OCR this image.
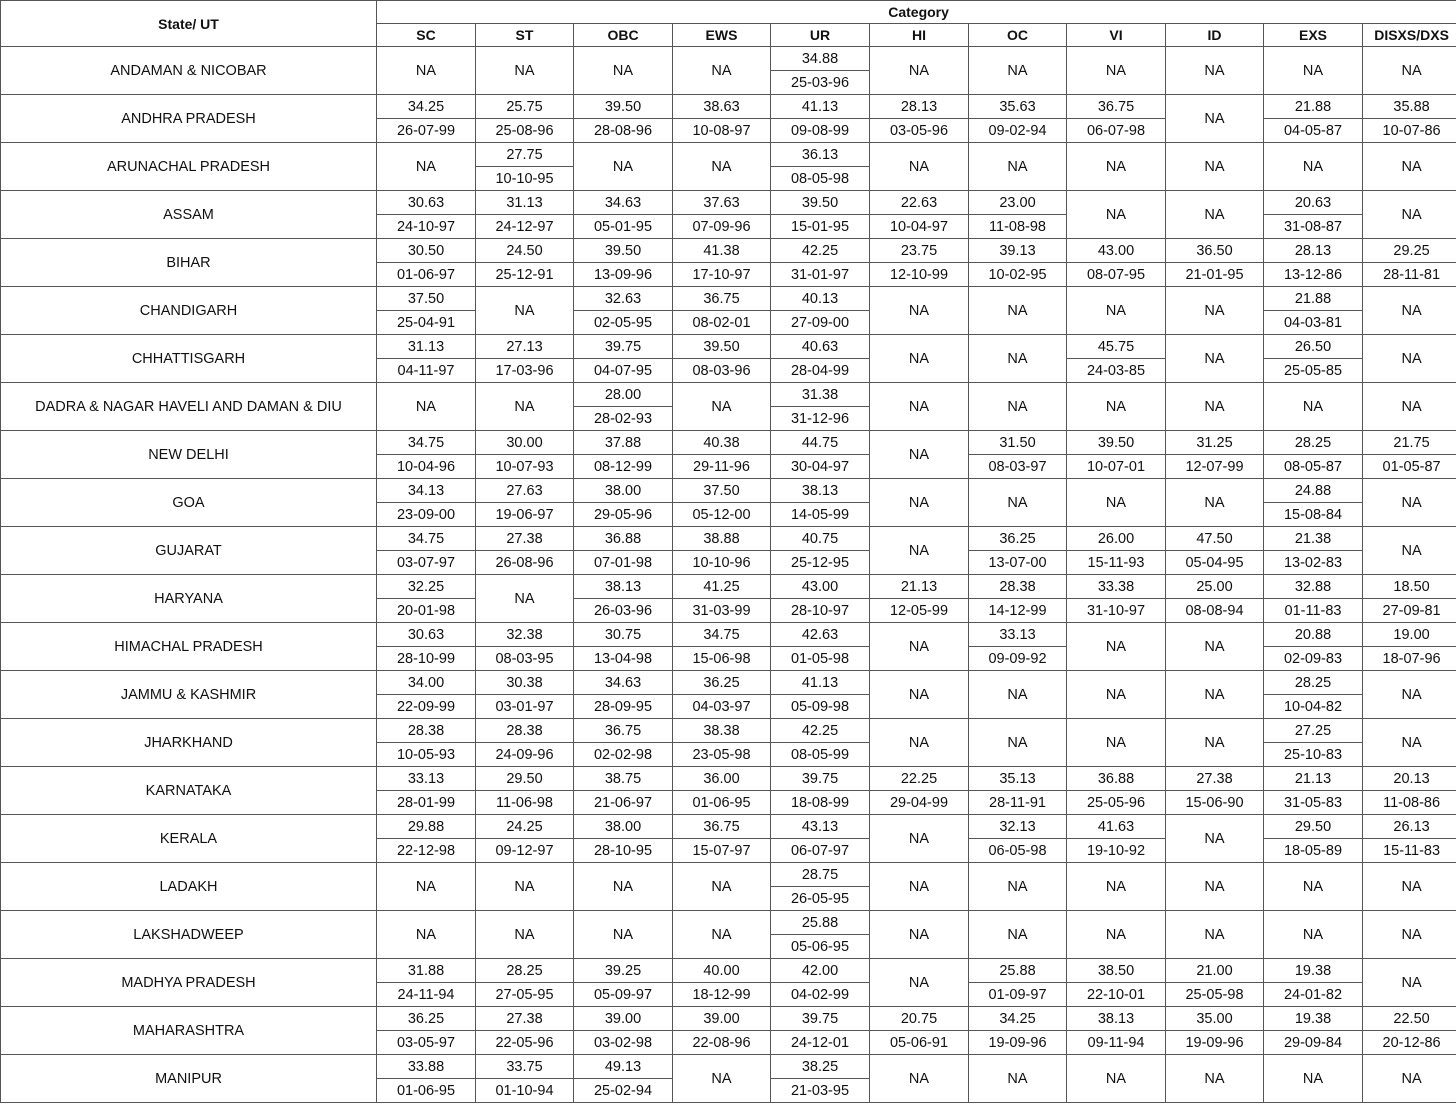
State/ UT	Category										
	SC	ST	OBC	EWS	UR	HI	OC	VI	ID	EXS	DISXS/DXS
ANDAMAN & NICOBAR	NA	NA	NA	NA	34.88	NA	NA	NA	NA	NA	NA
					25-03-96						
ANDHRA PRADESH	34.25	25.75	39.50	38.63	41.13	28.13	35.63	36.75	NA	21.88	35.88
	26-07-99	25-08-96	28-08-96	10-08-97	09-08-99	03-05-96	09-02-94	06-07-98		04-05-87	10-07-86
ARUNACHAL PRADESH	NA	27.75	NA	NA	36.13	NA	NA	NA	NA	NA	NA
		10-10-95			08-05-98						
ASSAM	30.63	31.13	34.63	37.63	39.50	22.63	23.00	NA	NA	20.63	NA
	24-10-97	24-12-97	05-01-95	07-09-96	15-01-95	10-04-97	11-08-98			31-08-87	
BIHAR	30.50	24.50	39.50	41.38	42.25	23.75	39.13	43.00	36.50	28.13	29.25
	01-06-97	25-12-91	13-09-96	17-10-97	31-01-97	12-10-99	10-02-95	08-07-95	21-01-95	13-12-86	28-11-81
CHANDIGARH	37.50	NA	32.63	36.75	40.13	NA	NA	NA	NA	21.88	NA
	25-04-91		02-05-95	08-02-01	27-09-00					04-03-81	
CHHATTISGARH	31.13	27.13	39.75	39.50	40.63	NA	NA	45.75	NA	26.50	NA
	04-11-97	17-03-96	04-07-95	08-03-96	28-04-99			24-03-85		25-05-85	
DADRA & NAGAR HAVELI AND DAMAN & DIU	NA	NA	28.00	NA	31.38	NA	NA	NA	NA	NA	NA
			28-02-93		31-12-96						
NEW DELHI	34.75	30.00	37.88	40.38	44.75	NA	31.50	39.50	31.25	28.25	21.75
	10-04-96	10-07-93	08-12-99	29-11-96	30-04-97		08-03-97	10-07-01	12-07-99	08-05-87	01-05-87
GOA	34.13	27.63	38.00	37.50	38.13	NA	NA	NA	NA	24.88	NA
	23-09-00	19-06-97	29-05-96	05-12-00	14-05-99					15-08-84	
GUJARAT	34.75	27.38	36.88	38.88	40.75	NA	36.25	26.00	47.50	21.38	NA
	03-07-97	26-08-96	07-01-98	10-10-96	25-12-95		13-07-00	15-11-93	05-04-95	13-02-83	
HARYANA	32.25	NA	38.13	41.25	43.00	21.13	28.38	33.38	25.00	32.88	18.50
	20-01-98		26-03-96	31-03-99	28-10-97	12-05-99	14-12-99	31-10-97	08-08-94	01-11-83	27-09-81
HIMACHAL PRADESH	30.63	32.38	30.75	34.75	42.63	NA	33.13	NA	NA	20.88	19.00
	28-10-99	08-03-95	13-04-98	15-06-98	01-05-98		09-09-92			02-09-83	18-07-96
JAMMU & KASHMIR	34.00	30.38	34.63	36.25	41.13	NA	NA	NA	NA	28.25	NA
	22-09-99	03-01-97	28-09-95	04-03-97	05-09-98					10-04-82	
JHARKHAND	28.38	28.38	36.75	38.38	42.25	NA	NA	NA	NA	27.25	NA
	10-05-93	24-09-96	02-02-98	23-05-98	08-05-99					25-10-83	
KARNATAKA	33.13	29.50	38.75	36.00	39.75	22.25	35.13	36.88	27.38	21.13	20.13
	28-01-99	11-06-98	21-06-97	01-06-95	18-08-99	29-04-99	28-11-91	25-05-96	15-06-90	31-05-83	11-08-86
KERALA	29.88	24.25	38.00	36.75	43.13	NA	32.13	41.63	NA	29.50	26.13
	22-12-98	09-12-97	28-10-95	15-07-97	06-07-97		06-05-98	19-10-92		18-05-89	15-11-83
LADAKH	NA	NA	NA	NA	28.75	NA	NA	NA	NA	NA	NA
					26-05-95						
LAKSHADWEEP	NA	NA	NA	NA	25.88	NA	NA	NA	NA	NA	NA
					05-06-95						
MADHYA PRADESH	31.88	28.25	39.25	40.00	42.00	NA	25.88	38.50	21.00	19.38	NA
	24-11-94	27-05-95	05-09-97	18-12-99	04-02-99		01-09-97	22-10-01	25-05-98	24-01-82	
MAHARASHTRA	36.25	27.38	39.00	39.00	39.75	20.75	34.25	38.13	35.00	19.38	22.50
	03-05-97	22-05-96	03-02-98	22-08-96	24-12-01	05-06-91	19-09-96	09-11-94	19-09-96	29-09-84	20-12-86
MANIPUR	33.88	33.75	49.13	NA	38.25	NA	NA	NA	NA	NA	NA
	01-06-95	01-10-94	25-02-94		21-03-95						
